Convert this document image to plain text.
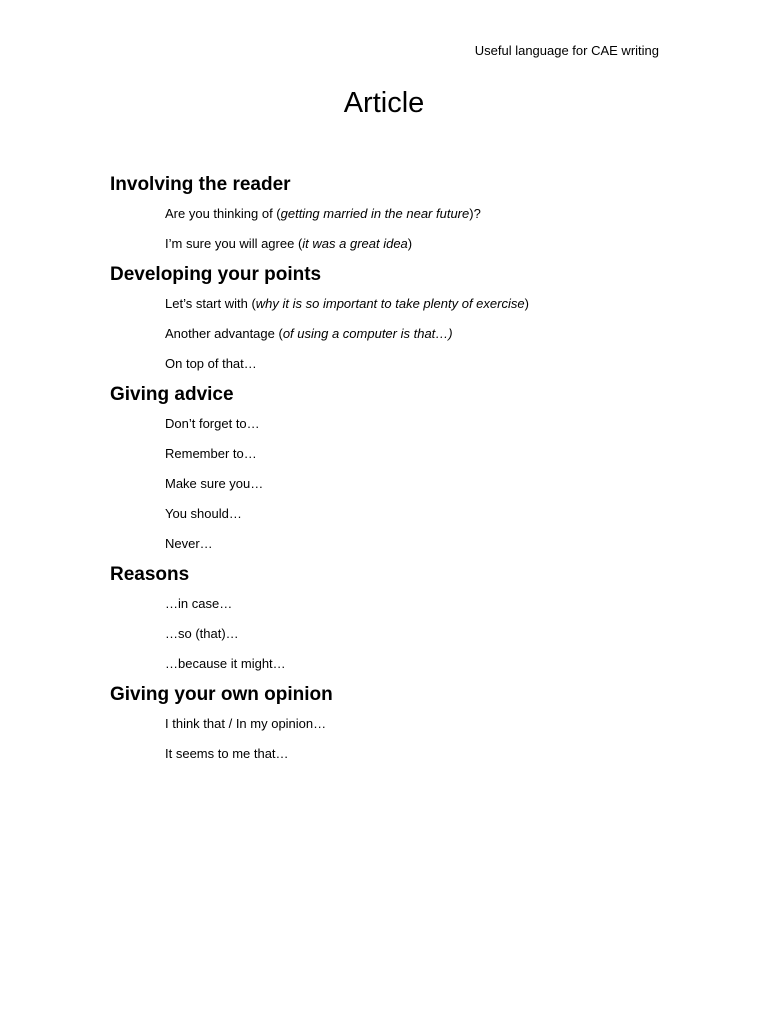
Useful language for CAE writing
Article
Involving the reader
Are you thinking of (getting married in the near future)?
I’m sure you will agree (it was a great idea)
Developing your points
Let’s start with (why it is so important to take plenty of exercise)
Another advantage (of using a computer is that…)
On top of that…
Giving advice
Don’t forget to…
Remember to…
Make sure you…
You should…
Never…
Reasons
…in case…
…so (that)…
…because it might…
Giving your own opinion
I think that / In my opinion…
It seems to me that…
